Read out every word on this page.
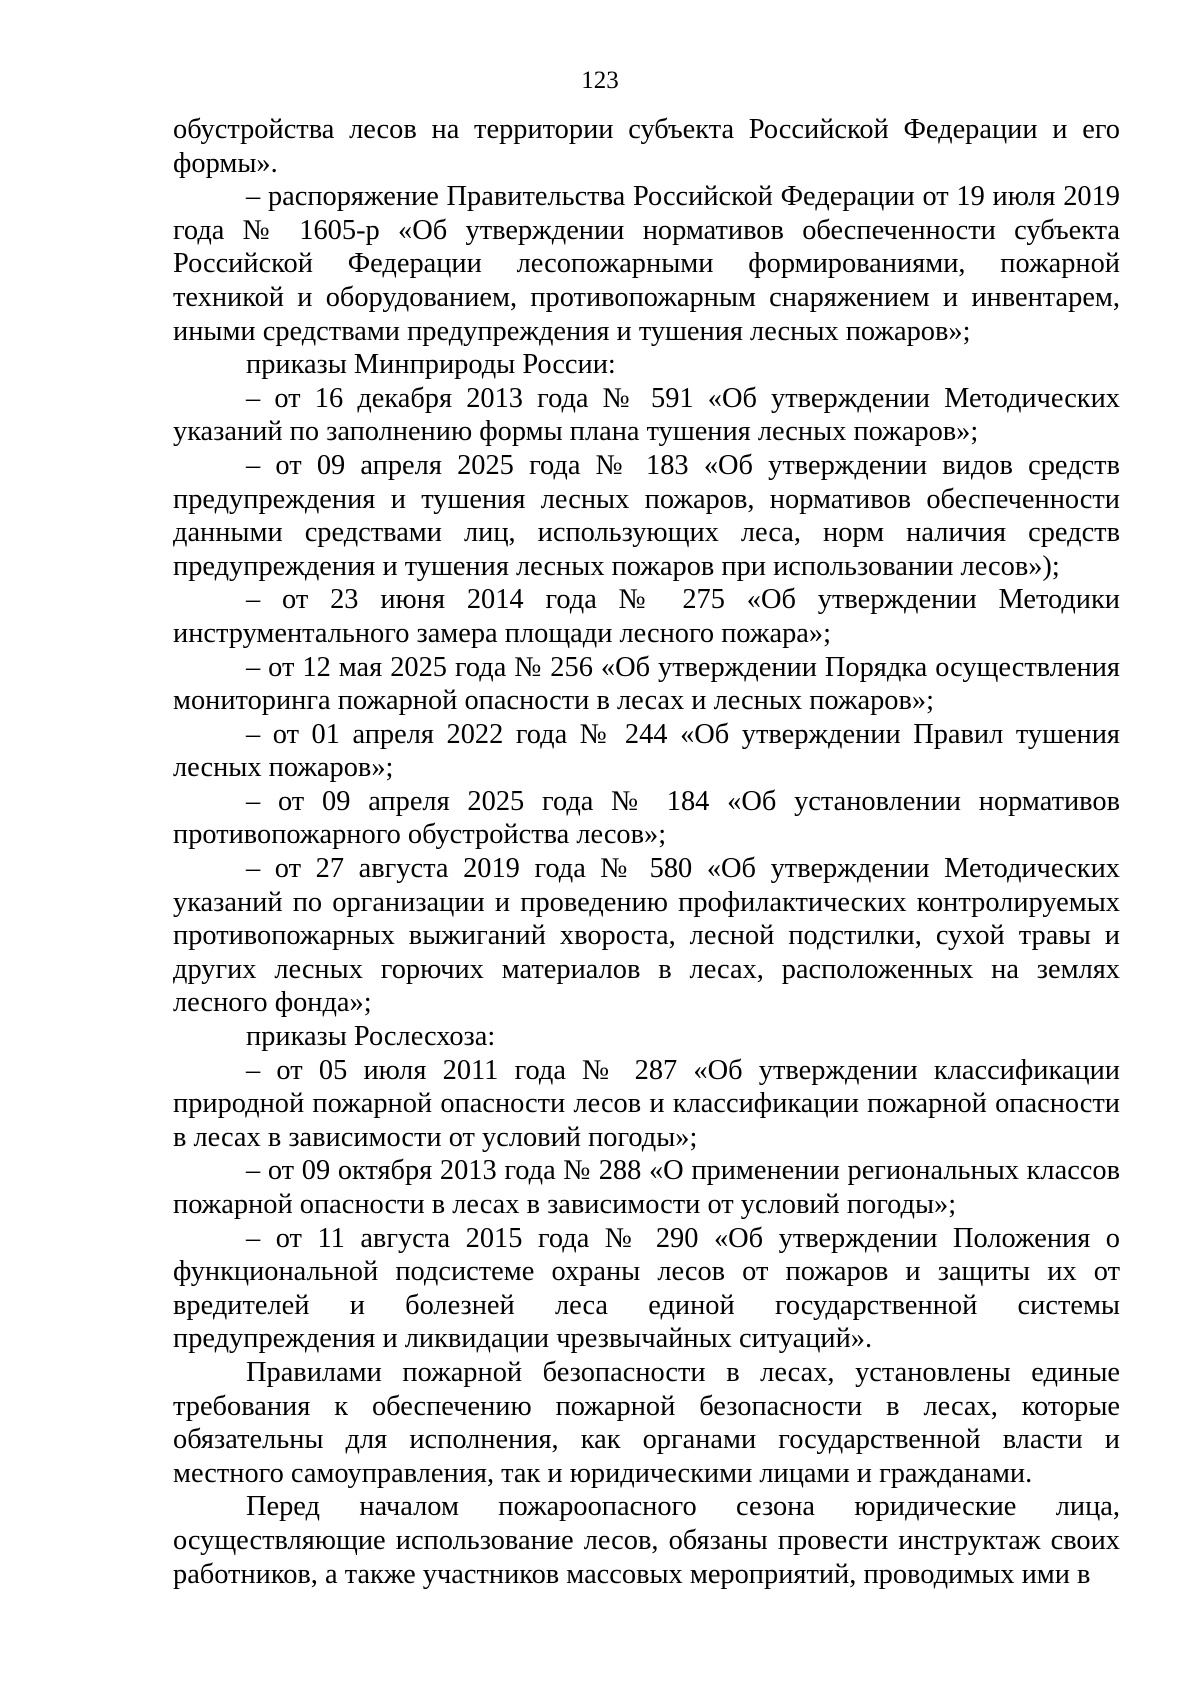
123

обустройства лесов на территории субъекта Российской Федерации и его формы».

– распоряжение Правительства Российской Федерации от 19 июля 2019 года № 1605-р «Об утверждении нормативов обеспеченности субъекта Российской Федерации лесопожарными формированиями, пожарной техникой и оборудованием, противопожарным снаряжением и инвентарем, иными средствами предупреждения и тушения лесных пожаров»;

приказы Минприроды России:

– от 16 декабря 2013 года № 591 «Об утверждении Методических указаний по заполнению формы плана тушения лесных пожаров»;

– от 09 апреля 2025 года № 183 «Об утверждении видов средств предупреждения и тушения лесных пожаров, нормативов обеспеченности данными средствами лиц, использующих леса, норм наличия средств предупреждения и тушения лесных пожаров при использовании лесов»);

– от 23 июня 2014 года № 275 «Об утверждении Методики инструментального замера площади лесного пожара»;

– от 12 мая 2025 года № 256 «Об утверждении Порядка осуществления мониторинга пожарной опасности в лесах и лесных пожаров»;

– от 01 апреля 2022 года № 244 «Об утверждении Правил тушения лесных пожаров»;

– от 09 апреля 2025 года № 184 «Об установлении нормативов противопожарного обустройства лесов»;

– от 27 августа 2019 года № 580 «Об утверждении Методических указаний по организации и проведению профилактических контролируемых противопожарных выжиганий хвороста, лесной подстилки, сухой травы и других лесных горючих материалов в лесах, расположенных на землях лесного фонда»;

приказы Рослесхоза:

– от 05 июля 2011 года № 287 «Об утверждении классификации природной пожарной опасности лесов и классификации пожарной опасности в лесах в зависимости от условий погоды»;

– от 09 октября 2013 года № 288 «О применении региональных классов пожарной опасности в лесах в зависимости от условий погоды»;

– от 11 августа 2015 года № 290 «Об утверждении Положения о функциональной подсистеме охраны лесов от пожаров и защиты их от вредителей и болезней леса единой государственной системы предупреждения и ликвидации чрезвычайных ситуаций».

Правилами пожарной безопасности в лесах, установлены единые требования к обеспечению пожарной безопасности в лесах, которые обязательны для исполнения, как органами государственной власти и местного самоуправления, так и юридическими лицами и гражданами.

Перед началом пожароопасного сезона юридические лица, осуществляющие использование лесов, обязаны провести инструктаж своих работников, а также участников массовых мероприятий, проводимых ими в
